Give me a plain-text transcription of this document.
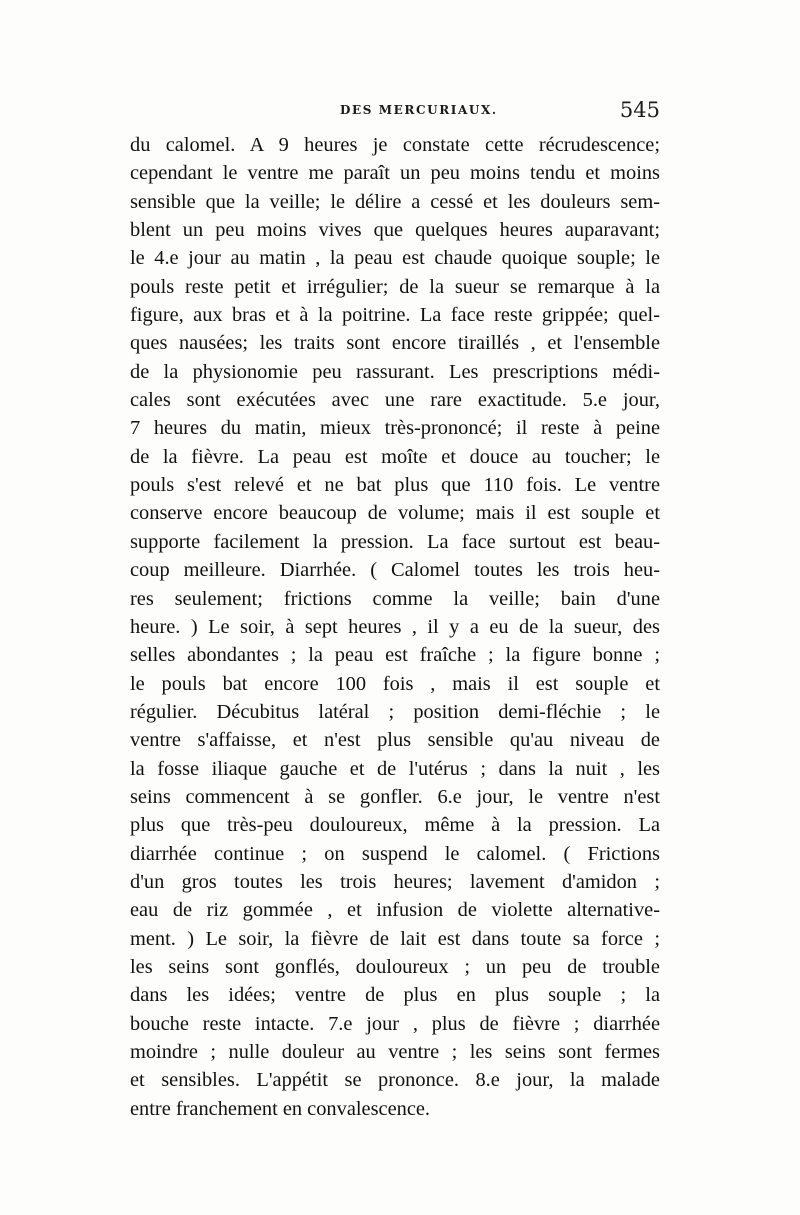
DES MERCURIAUX.	545
du calomel. A 9 heures je constate cette récrudescence;
cependant le ventre me paraît un peu moins tendu et moins
sensible que la veille; le délire a cessé et les douleurs sem-
blent un peu moins vives que quelques heures auparavant;
le 4.e jour au matin , la peau est chaude quoique souple; le
pouls reste petit et irrégulier; de la sueur se remarque à la
figure, aux bras et à la poitrine. La face reste grippée; quel-
ques nausées; les traits sont encore tiraillés , et l'ensemble
de la physionomie peu rassurant. Les prescriptions médi-
cales sont exécutées avec une rare exactitude. 5.e jour,
7 heures du matin, mieux très-prononcé; il reste à peine
de la fièvre. La peau est moîte et douce au toucher; le
pouls s'est relevé et ne bat plus que 110 fois. Le ventre
conserve encore beaucoup de volume; mais il est souple et
supporte facilement la pression. La face surtout est beau-
coup meilleure. Diarrhée. ( Calomel toutes les trois heu-
res seulement; frictions comme la veille; bain d'une
heure. ) Le soir, à sept heures , il y a eu de la sueur, des
selles abondantes ; la peau est fraîche ; la figure bonne ;
le pouls bat encore 100 fois , mais il est souple et
régulier. Décubitus latéral ; position demi-fléchie ; le
ventre s'affaisse, et n'est plus sensible qu'au niveau de
la fosse iliaque gauche et de l'utérus ; dans la nuit , les
seins commencent à se gonfler. 6.e jour, le ventre n'est
plus que très-peu douloureux, même à la pression. La
diarrhée continue ; on suspend le calomel. ( Frictions
d'un gros toutes les trois heures; lavement d'amidon ;
eau de riz gommée , et infusion de violette alternative-
ment. ) Le soir, la fièvre de lait est dans toute sa force ;
les seins sont gonflés, douloureux ; un peu de trouble
dans les idées; ventre de plus en plus souple ; la
bouche reste intacte. 7.e jour , plus de fièvre ; diarrhée
moindre ; nulle douleur au ventre ; les seins sont fermes
et sensibles. L'appétit se prononce. 8.e jour, la malade
entre franchement en convalescence.
